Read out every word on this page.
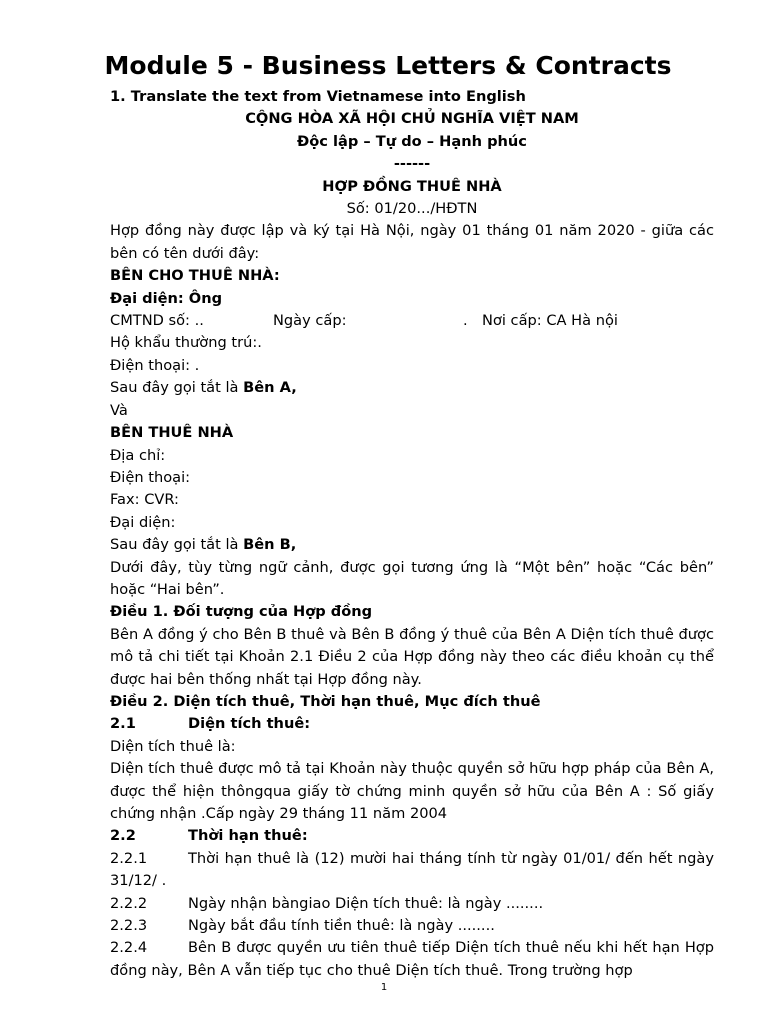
Module 5 - Business Letters & Contracts

1. Translate the text from Vietnamese into English

CỘNG HÒA XÃ HỘI CHỦ NGHĨA VIỆT NAM

Độc lập – Tự do – Hạnh phúc

------

HỢP ĐỒNG THUÊ NHÀ

Số: 01/20.../HĐTN

Hợp đồng này được lập và ký tại Hà Nội, ngày 01 tháng 01 năm 2020 - giữa các bên có tên dưới đây:

BÊN CHO THUÊ NHÀ:

Đại diện: Ông

CMTND số: ..	Ngày cấp:	. Nơi cấp: CA Hà nội

Hộ khẩu thường trú:.

Điện thoại: .

Sau đây gọi tắt là Bên A,

Và

BÊN THUÊ NHÀ

Địa chỉ:

Điện thoại:

Fax: CVR:

Đại diện:

Sau đây gọi tắt là Bên B,

Dưới đây, tùy từng ngữ cảnh, được gọi tương ứng là “Một bên” hoặc “Các bên” hoặc “Hai bên”.

Điều 1. Đối tượng của Hợp đồng

Bên A đồng ý cho Bên B thuê và Bên B đồng ý thuê của Bên A Diện tích thuê được mô tả chi tiết tại Khoản 2.1 Điều 2 của Hợp đồng này theo các điều khoản cụ thể được hai bên thống nhất tại Hợp đồng này.

Điều 2. Diện tích thuê, Thời hạn thuê, Mục đích thuê

2.1	Diện tích thuê:

Diện tích thuê là:

Diện tích thuê được mô tả tại Khoản này thuộc quyền sở hữu hợp pháp của Bên A, được thể hiện thôngqua giấy tờ chứng minh quyền sở hữu của Bên A : Số giấy chứng nhận .Cấp ngày 29 tháng 11 năm 2004

2.2	Thời hạn thuê:

2.2.1	Thời hạn thuê là (12) mười hai tháng tính từ ngày 01/01/ đến hết ngày 31/12/ .

2.2.2	Ngày nhận bàngiao Diện tích thuê: là ngày ........

2.2.3	Ngày bắt đầu tính tiền thuê: là ngày ........

2.2.4	Bên B được quyền ưu tiên thuê tiếp Diện tích thuê nếu khi hết hạn Hợp đồng này, Bên A vẫn tiếp tục cho thuê Diện tích thuê. Trong trường hợp

1
